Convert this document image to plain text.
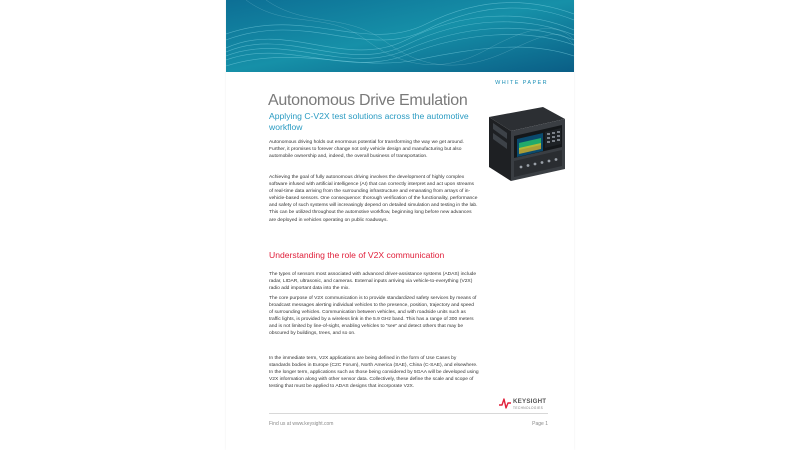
WHITE PAPER
Autonomous Drive Emulation
Applying C-V2X test solutions across the automotive workflow

Autonomous driving holds out enormous potential for transforming the way we get around. Further, it promises to forever change not only vehicle design and manufacturing but also automobile ownership and, indeed, the overall business of transportation.

Achieving the goal of fully autonomous driving involves the development of highly complex software infused with artificial intelligence (AI) that can correctly interpret and act upon streams of real-time data arriving from the surrounding infrastructure and emanating from arrays of in-vehicle-based sensors. One consequence: thorough verification of the functionality, performance and safety of such systems will increasingly depend on detailed simulation and testing in the lab. This can be utilized throughout the automotive workflow, beginning long before new advances are deployed in vehicles operating on public roadways.

Understanding the role of V2X communication

The types of sensors most associated with advanced driver-assistance systems (ADAS) include radar, LIDAR, ultrasonic, and cameras. External inputs arriving via vehicle-to-everything (V2X) radio add important data into the mix.

The core purpose of V2X communication is to provide standardized safety services by means of broadcast messages alerting individual vehicles to the presence, position, trajectory and speed of surrounding vehicles. Communication between vehicles, and with roadside units such as traffic lights, is provided by a wireless link in the 5.9 GHz band. This has a range of 300 meters and is not limited by line-of-sight, enabling vehicles to “see” and detect others that may be obscured by buildings, trees, and so on.

In the immediate term, V2X applications are being defined in the form of Use Cases by standards bodies in Europe (C2C Forum), North America (SAE), China (C-SAE), and elsewhere. In the longer term, applications such as those being considered by 5GAA will be developed using V2X information along with other sensor data. Collectively, these define the scale and scope of testing that must be applied to ADAS designs that incorporate V2X.

KEYSIGHT
TECHNOLOGIES
Find us at www.keysight.com	Page 1
